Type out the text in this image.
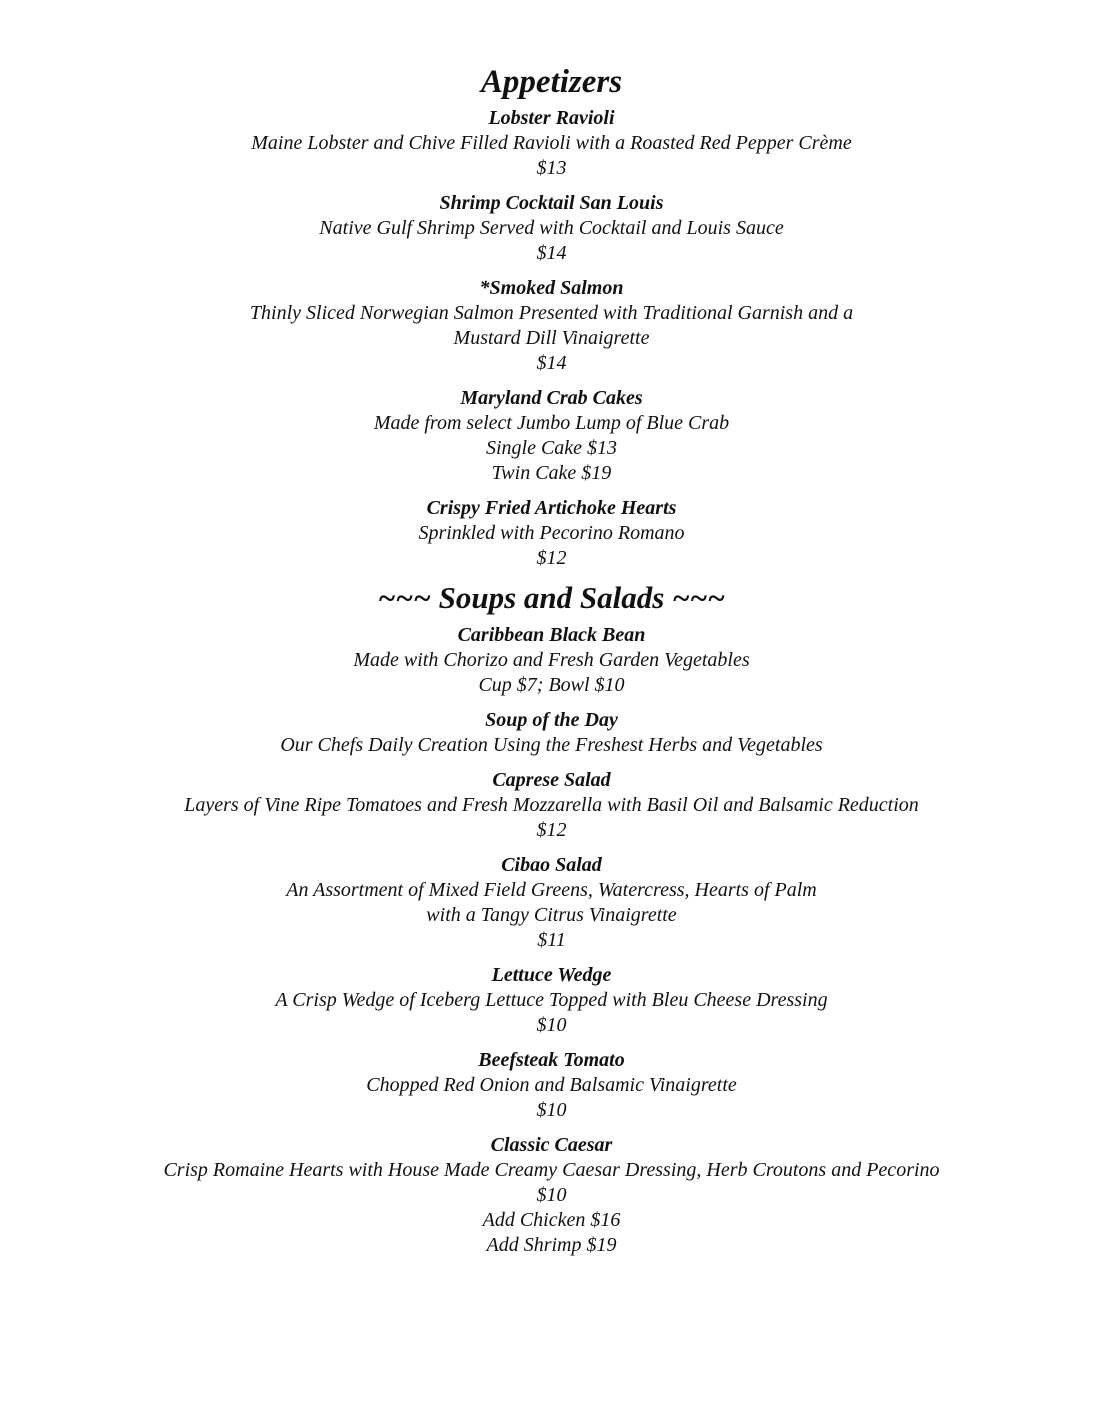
Appetizers
Lobster Ravioli
Maine Lobster and Chive Filled Ravioli with a Roasted Red Pepper Crème
$13
Shrimp Cocktail San Louis
Native Gulf Shrimp Served with Cocktail and Louis Sauce
$14
*Smoked Salmon
Thinly Sliced Norwegian Salmon Presented with Traditional Garnish and a
Mustard Dill Vinaigrette
$14
Maryland Crab Cakes
Made from select Jumbo Lump of Blue Crab
Single Cake $13
Twin Cake $19
Crispy Fried Artichoke Hearts
Sprinkled with Pecorino Romano
$12
~~~ Soups and Salads ~~~
Caribbean Black Bean
Made with Chorizo and Fresh Garden Vegetables
Cup $7; Bowl $10
Soup of the Day
Our Chefs Daily Creation Using the Freshest Herbs and Vegetables
Caprese Salad
Layers of Vine Ripe Tomatoes and Fresh Mozzarella with Basil Oil and Balsamic Reduction
$12
Cibao Salad
An Assortment of Mixed Field Greens, Watercress, Hearts of Palm
with a Tangy Citrus Vinaigrette
$11
Lettuce Wedge
A Crisp Wedge of Iceberg Lettuce Topped with Bleu Cheese Dressing
$10
Beefsteak Tomato
Chopped Red Onion and Balsamic Vinaigrette
$10
Classic Caesar
Crisp Romaine Hearts with House Made Creamy Caesar Dressing, Herb Croutons and Pecorino
$10
Add Chicken $16
Add Shrimp $19
